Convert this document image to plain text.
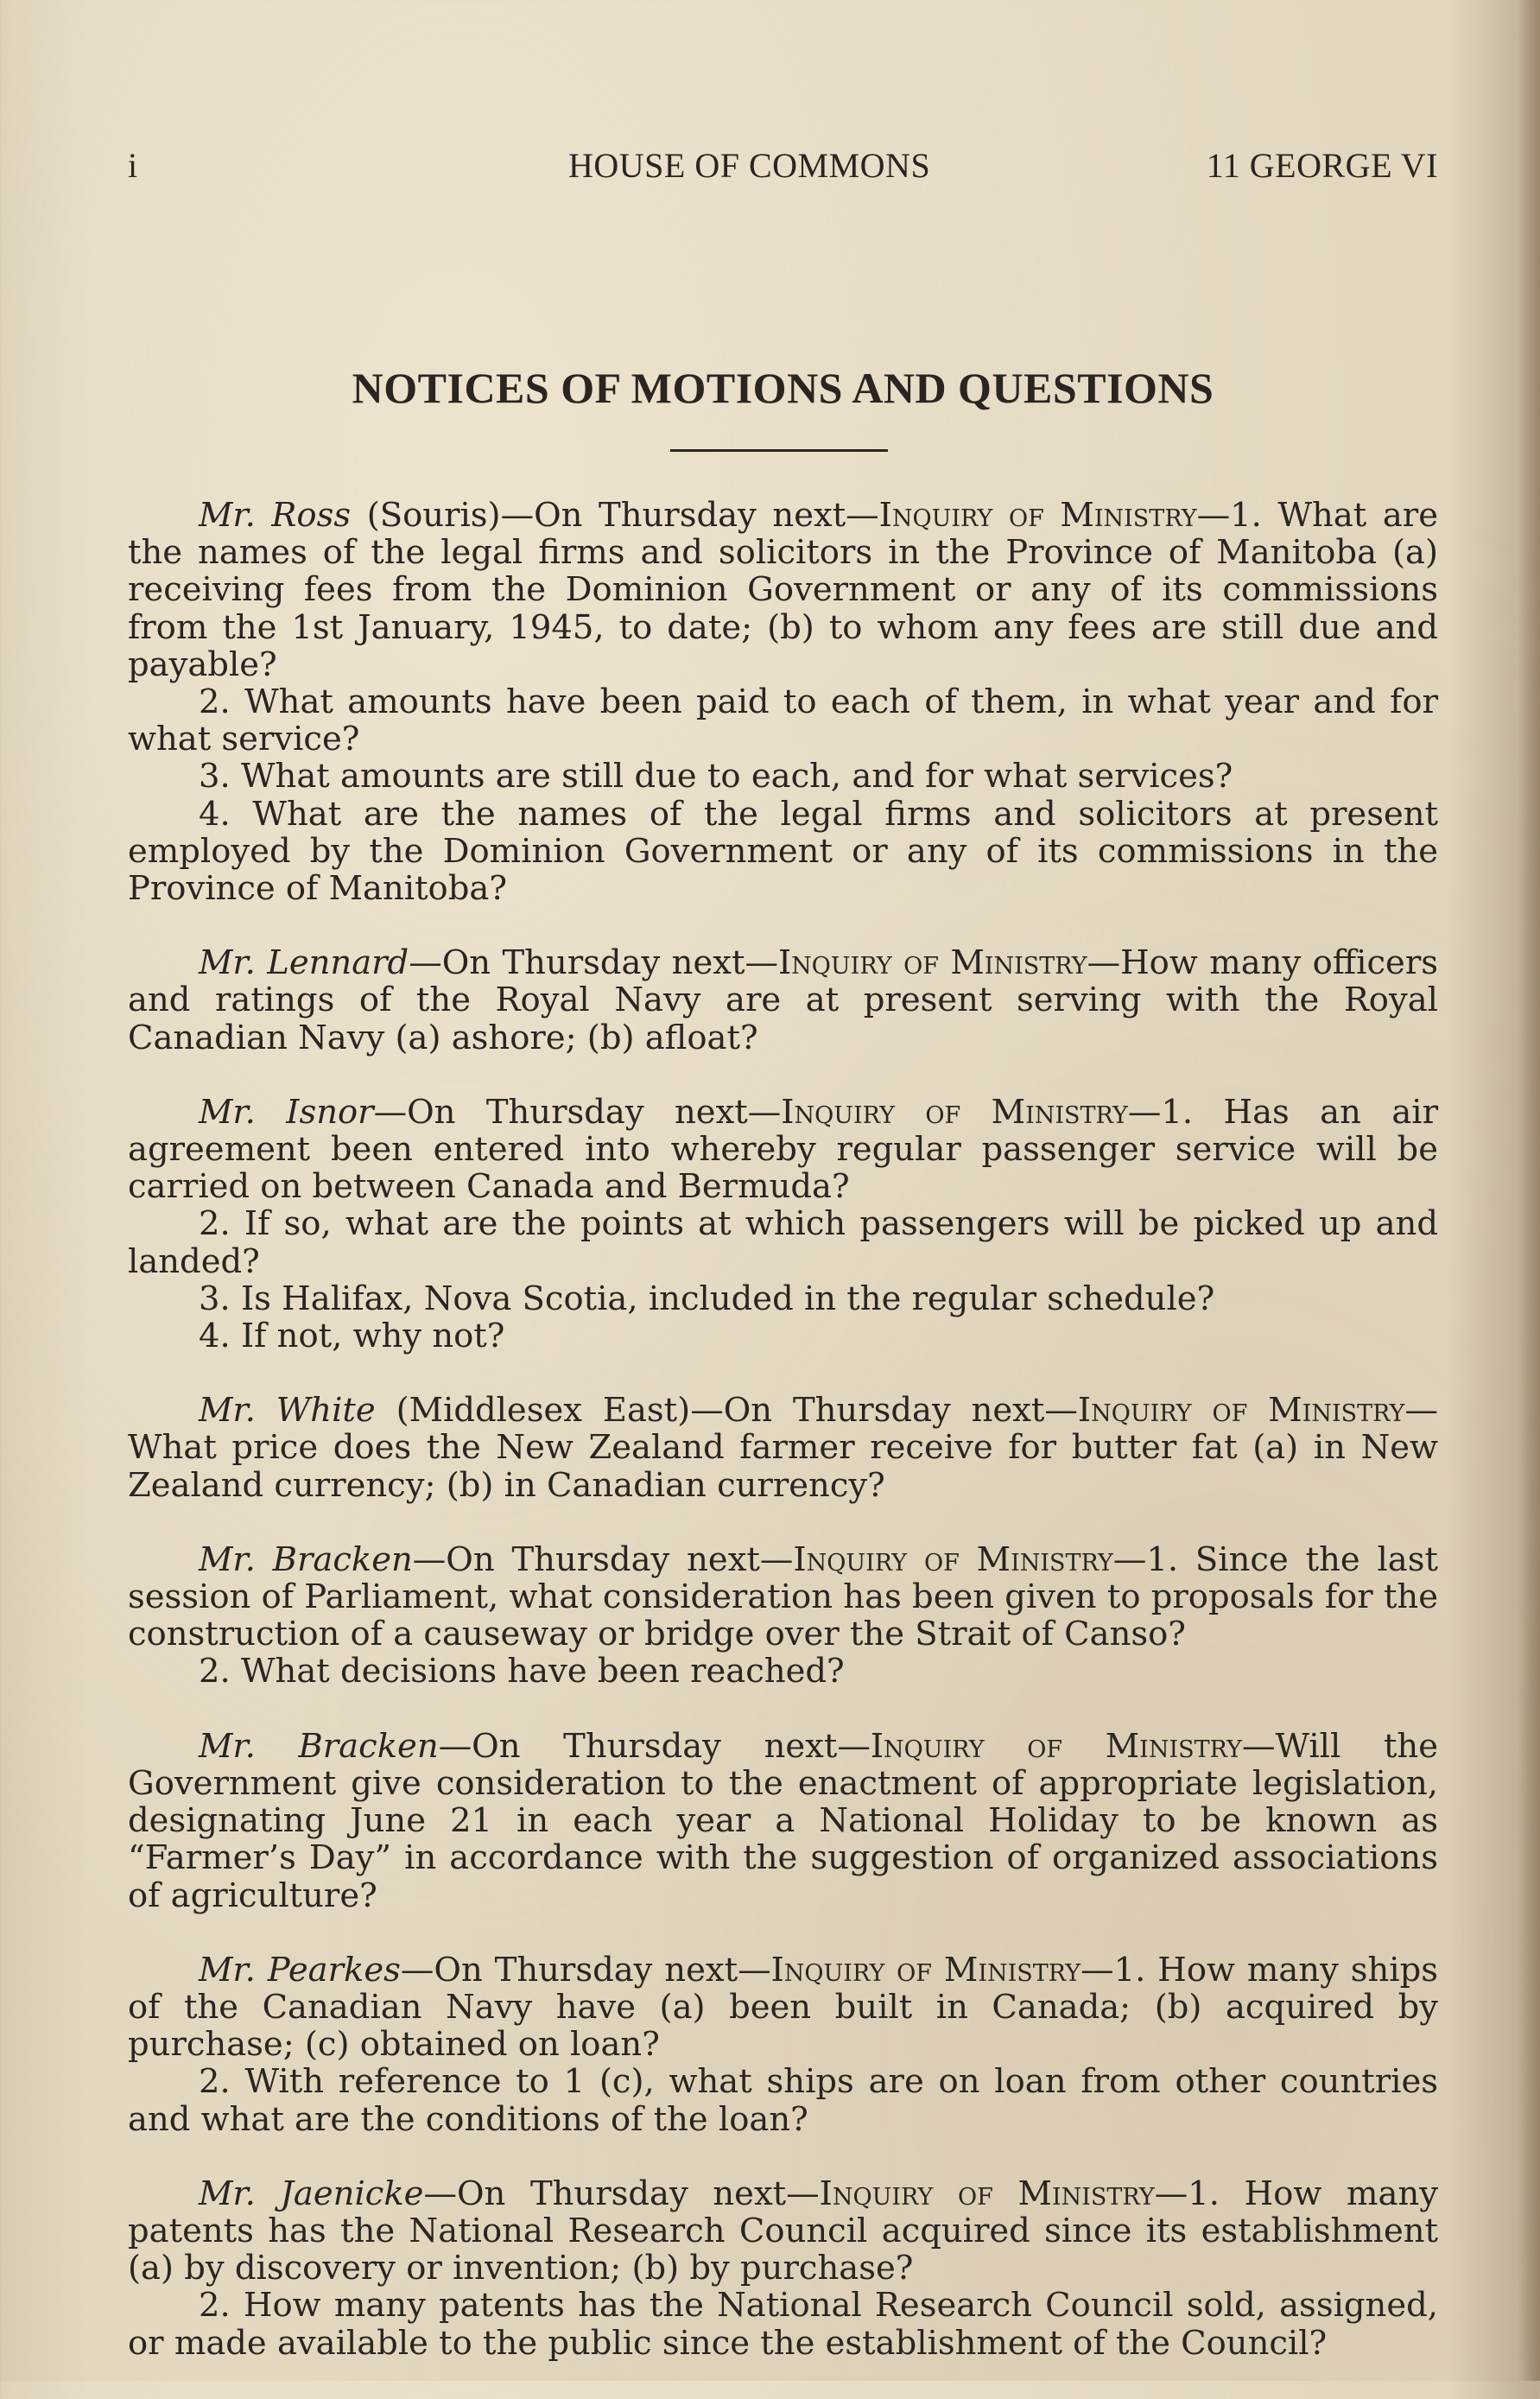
i	HOUSE OF COMMONS	11 GEORGE VI
NOTICES OF MOTIONS AND QUESTIONS

Mr. Ross (Souris)—On Thursday next—Inquiry of Ministry—1. What are the names of the legal firms and solicitors in the Province of Manitoba (a) receiving fees from the Dominion Government or any of its commissions from the 1st January, 1945, to date; (b) to whom any fees are still due and payable?

2. What amounts have been paid to each of them, in what year and for what service?

3. What amounts are still due to each, and for what services?

4. What are the names of the legal firms and solicitors at present employed by the Dominion Government or any of its commissions in the Province of Manitoba?

Mr. Lennard—On Thursday next—Inquiry of Ministry—How many officers and ratings of the Royal Navy are at present serving with the Royal Canadian Navy (a) ashore; (b) afloat?

Mr. Isnor—On Thursday next—Inquiry of Ministry—1. Has an air agreement been entered into whereby regular passenger service will be carried on between Canada and Bermuda?

2. If so, what are the points at which passengers will be picked up and landed?

3. Is Halifax, Nova Scotia, included in the regular schedule?

4. If not, why not?

Mr. White (Middlesex East)—On Thursday next—Inquiry of Ministry—What price does the New Zealand farmer receive for butter fat (a) in New Zealand currency; (b) in Canadian currency?

Mr. Bracken—On Thursday next—Inquiry of Ministry—1. Since the last session of Parliament, what consideration has been given to proposals for the construction of a causeway or bridge over the Strait of Canso?

2. What decisions have been reached?

Mr. Bracken—On Thursday next—Inquiry of Ministry—Will the Government give consideration to the enactment of appropriate legislation, designating June 21 in each year a National Holiday to be known as “Farmer’s Day” in accordance with the suggestion of organized associations of agriculture?

Mr. Pearkes—On Thursday next—Inquiry of Ministry—1. How many ships of the Canadian Navy have (a) been built in Canada; (b) acquired by purchase; (c) obtained on loan?

2. With reference to 1 (c), what ships are on loan from other countries and what are the conditions of the loan?

Mr. Jaenicke—On Thursday next—Inquiry of Ministry—1. How many patents has the National Research Council acquired since its establishment (a) by discovery or invention; (b) by purchase?

2. How many patents has the National Research Council sold, assigned, or made available to the public since the establishment of the Council?
